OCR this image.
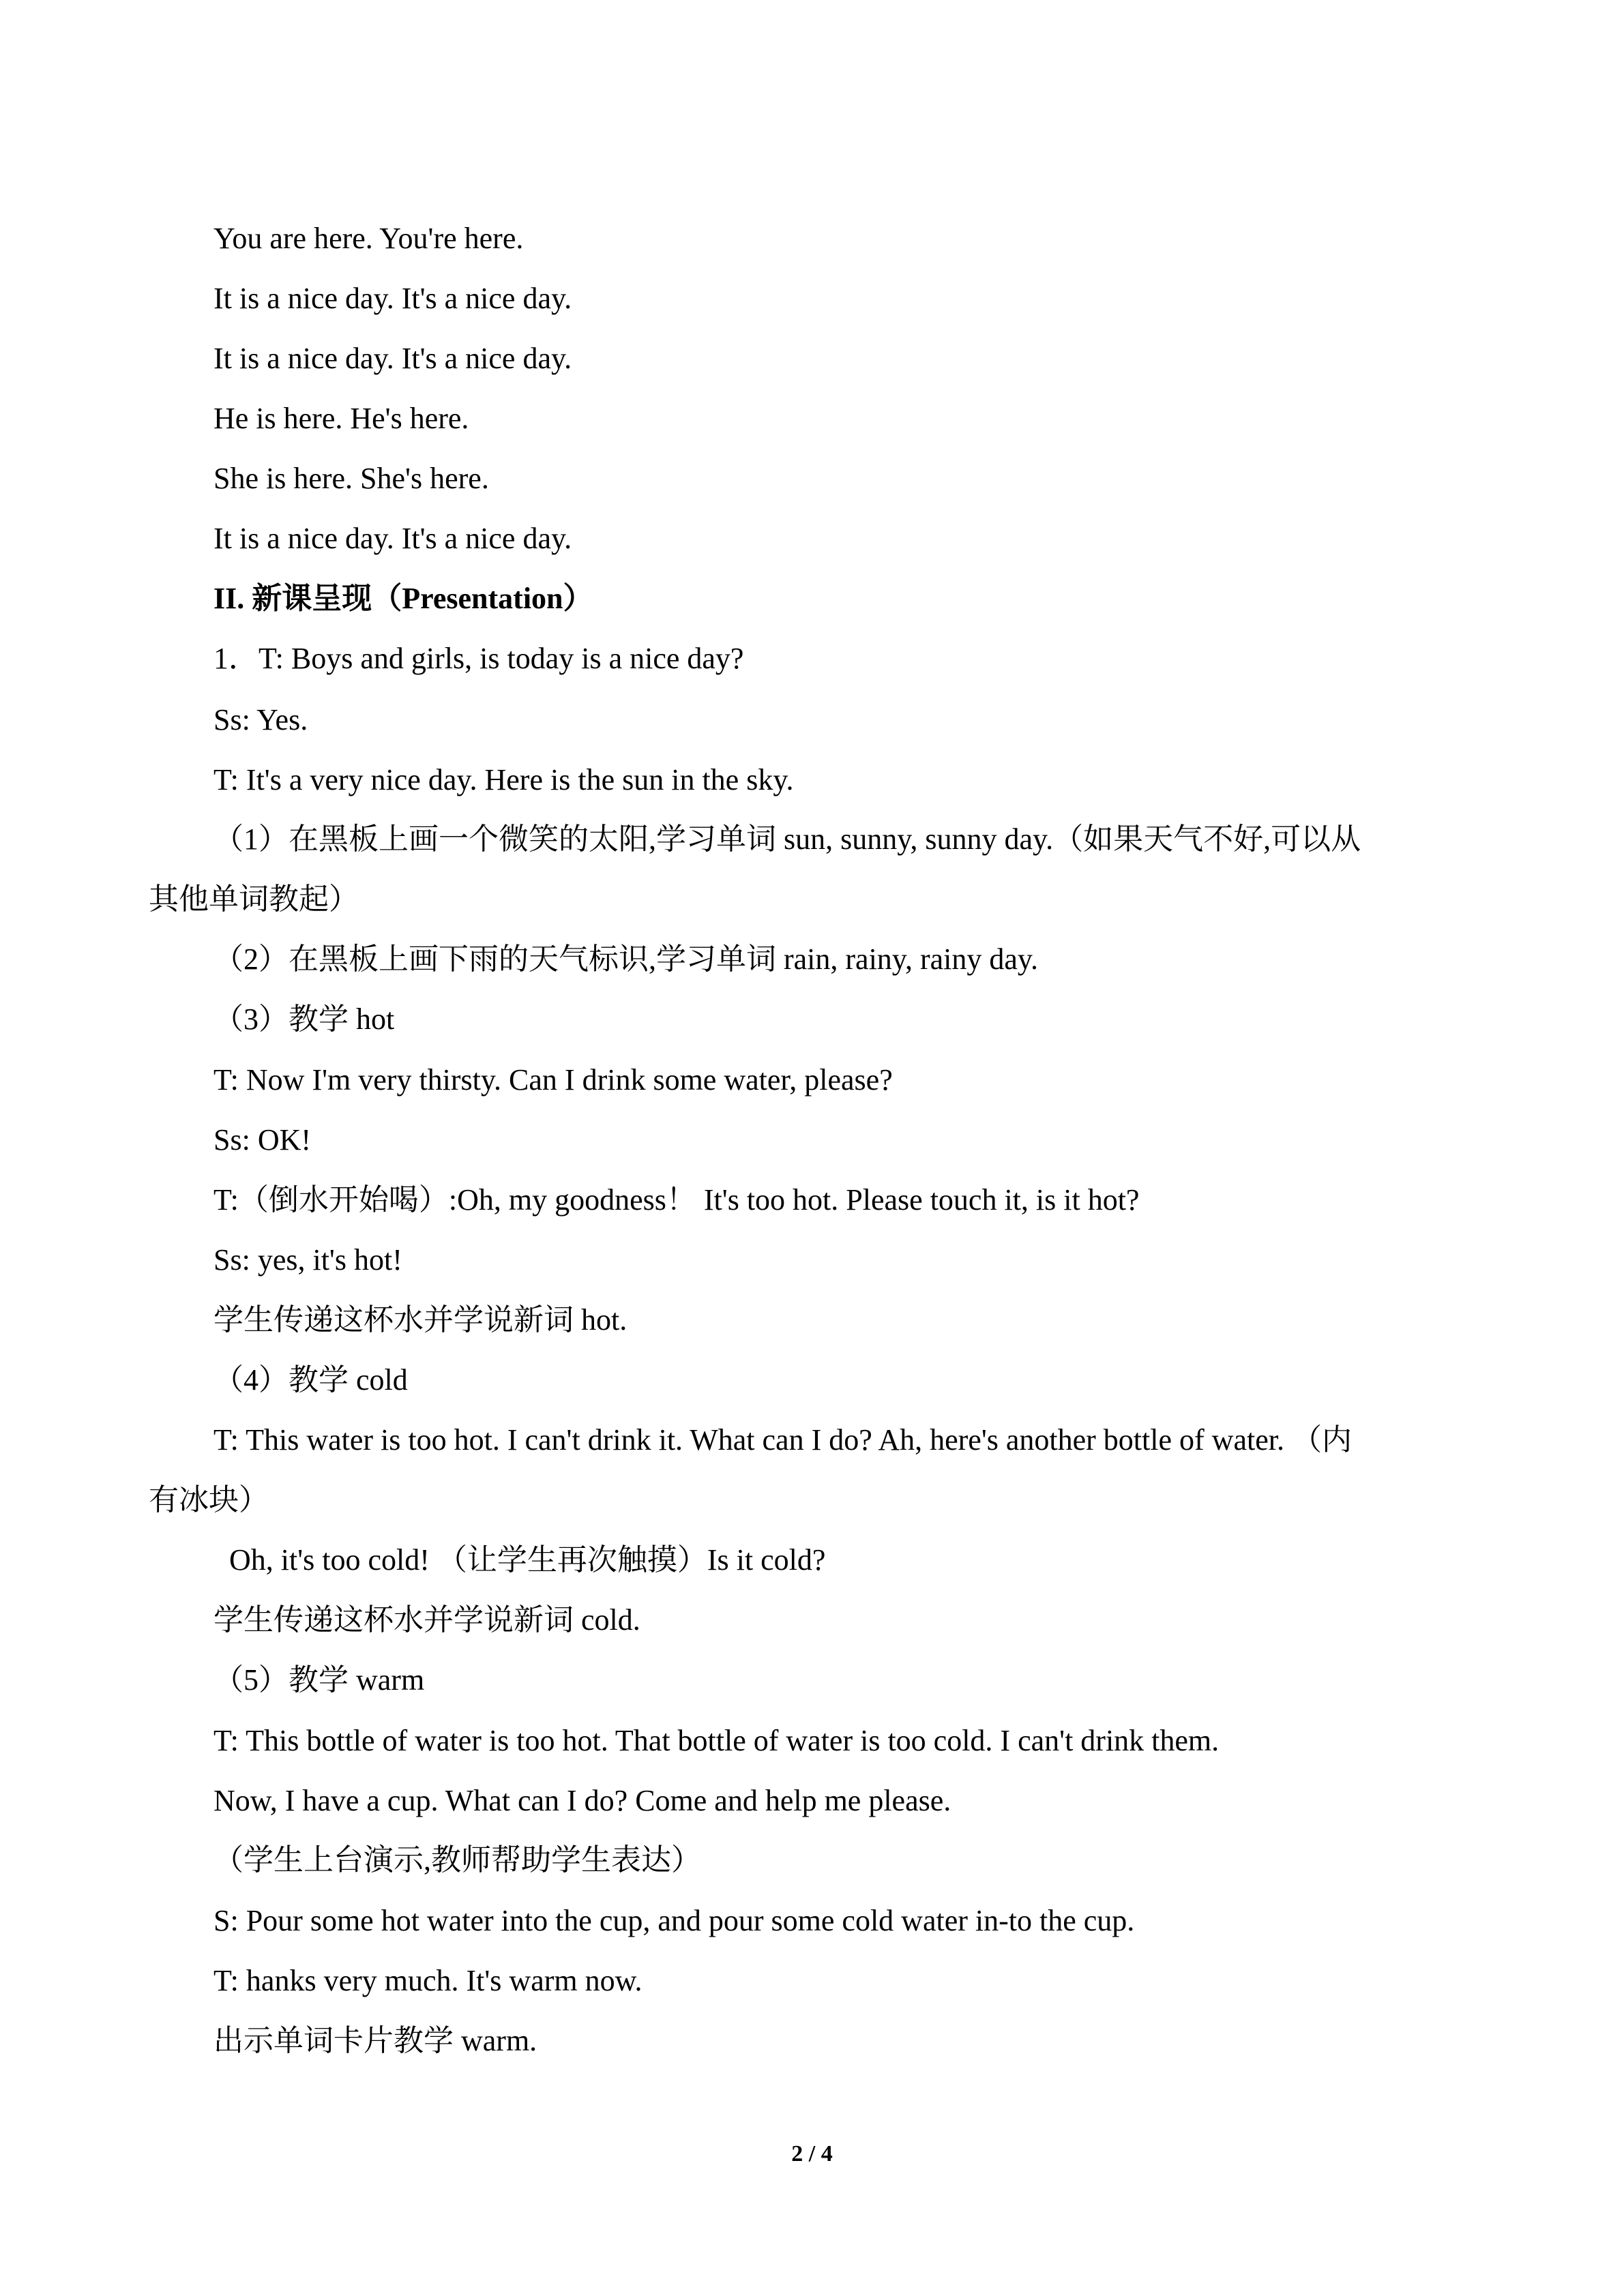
You are here. You're here.
It is a nice day. It's a nice day.
It is a nice day. It's a nice day.
He is here. He's here.
She is here. She's here.
It is a nice day. It's a nice day.
II. 新课呈现（Presentation）
1．T: Boys and girls, is today is a nice day?
Ss: Yes.
T: It's a very nice day. Here is the sun in the sky.
（1）在黑板上画一个微笑的太阳,学习单词 sun, sunny, sunny day.（如果天气不好,可以从
其他单词教起）
（2）在黑板上画下雨的天气标识,学习单词 rain, rainy, rainy day.
（3）教学 hot
T: Now I'm very thirsty. Can I drink some water, please?
Ss: OK!
T:（倒水开始喝）:Oh, my goodness！ It's too hot. Please touch it, is it hot?
Ss: yes, it's hot!
学生传递这杯水并学说新词 hot.
（4）教学 cold
T: This water is too hot. I can't drink it. What can I do? Ah, here's another bottle of water. （内
有冰块）
Oh, it's too cold! （让学生再次触摸）Is it cold?
学生传递这杯水并学说新词 cold.
（5）教学 warm
T: This bottle of water is too hot. That bottle of water is too cold. I can't drink them.
Now, I have a cup. What can I do? Come and help me please.
（学生上台演示,教师帮助学生表达）
S: Pour some hot water into the cup, and pour some cold water in-to the cup.
T: hanks very much. It's warm now.
出示单词卡片教学 warm.
2 / 4
